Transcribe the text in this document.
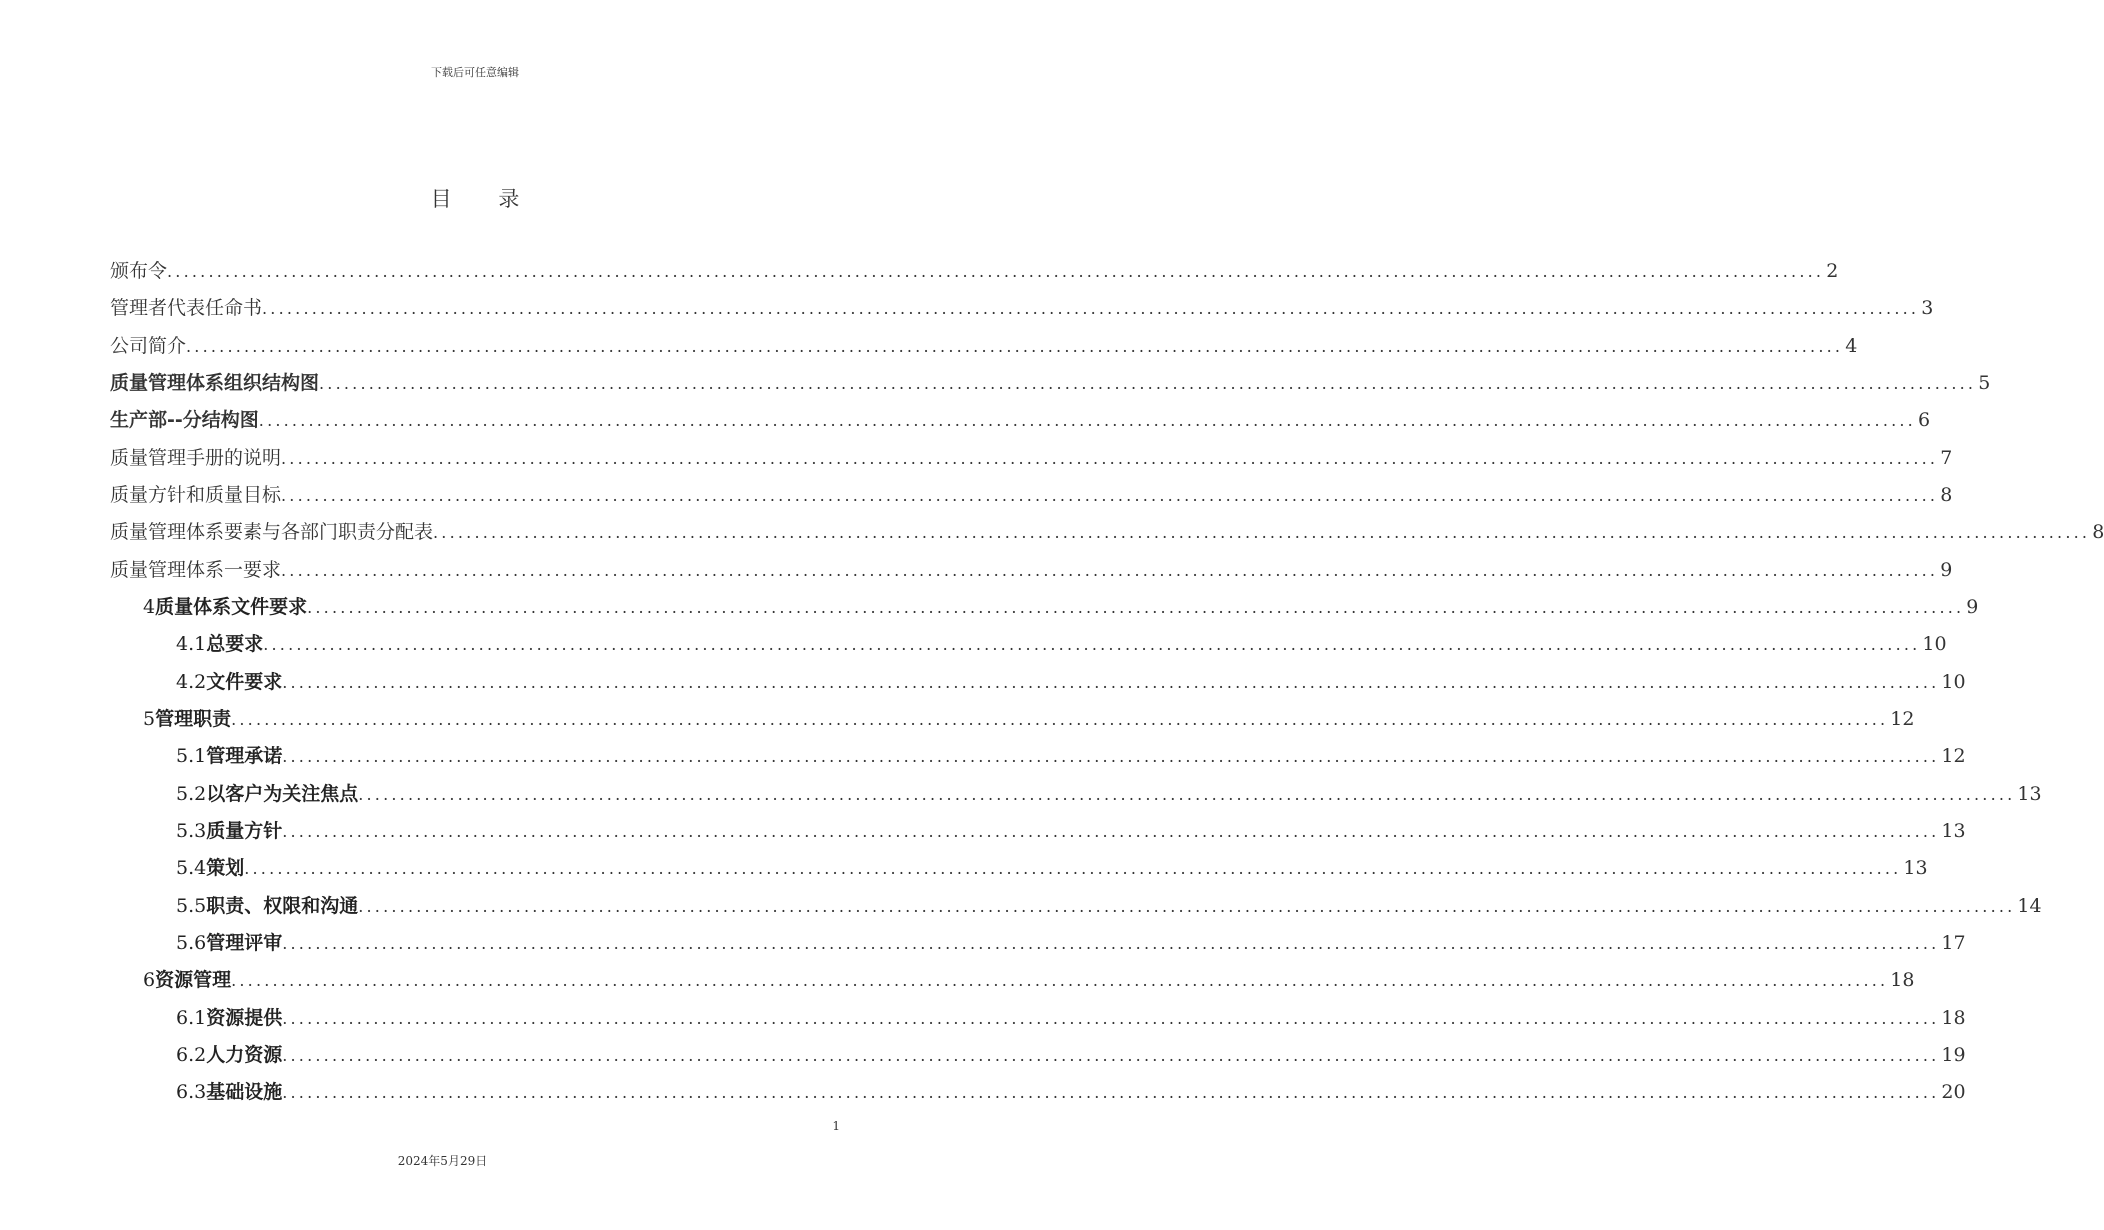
下载后可任意编辑
目 录
颁布令 ........................................................................................................................................................................................................ 2
管理者代表任命书 ........................................................................................................................................................................................................ 3
公司简介 ........................................................................................................................................................................................................ 4
质量管理体系组织结构图 ........................................................................................................................................................................................................ 5
生产部--分结构图 ........................................................................................................................................................................................................ 6
质量管理手册的说明 ........................................................................................................................................................................................................ 7
质量方针和质量目标 ........................................................................................................................................................................................................ 8
质量管理体系要素与各部门职责分配表 ........................................................................................................................................................................................................ 8
质量管理体系一要求 ........................................................................................................................................................................................................ 9
4 质量体系文件要求 ........................................................................................................................................................................................................ 9
4.1 总要求 ........................................................................................................................................................................................................ 10
4.2 文件要求 ........................................................................................................................................................................................................ 10
5 管理职责 ........................................................................................................................................................................................................ 12
5.1 管理承诺 ........................................................................................................................................................................................................ 12
5.2 以客户为关注焦点 ........................................................................................................................................................................................................ 13
5.3 质量方针 ........................................................................................................................................................................................................ 13
5.4 策划 ........................................................................................................................................................................................................ 13
5.5 职责、权限和沟通 ........................................................................................................................................................................................................ 14
5.6 管理评审 ........................................................................................................................................................................................................ 17
6 资源管理 ........................................................................................................................................................................................................ 18
6.1 资源提供 ........................................................................................................................................................................................................ 18
6.2 人力资源 ........................................................................................................................................................................................................ 19
6.3 基础设施 ........................................................................................................................................................................................................ 20
1
2024年5月29日
